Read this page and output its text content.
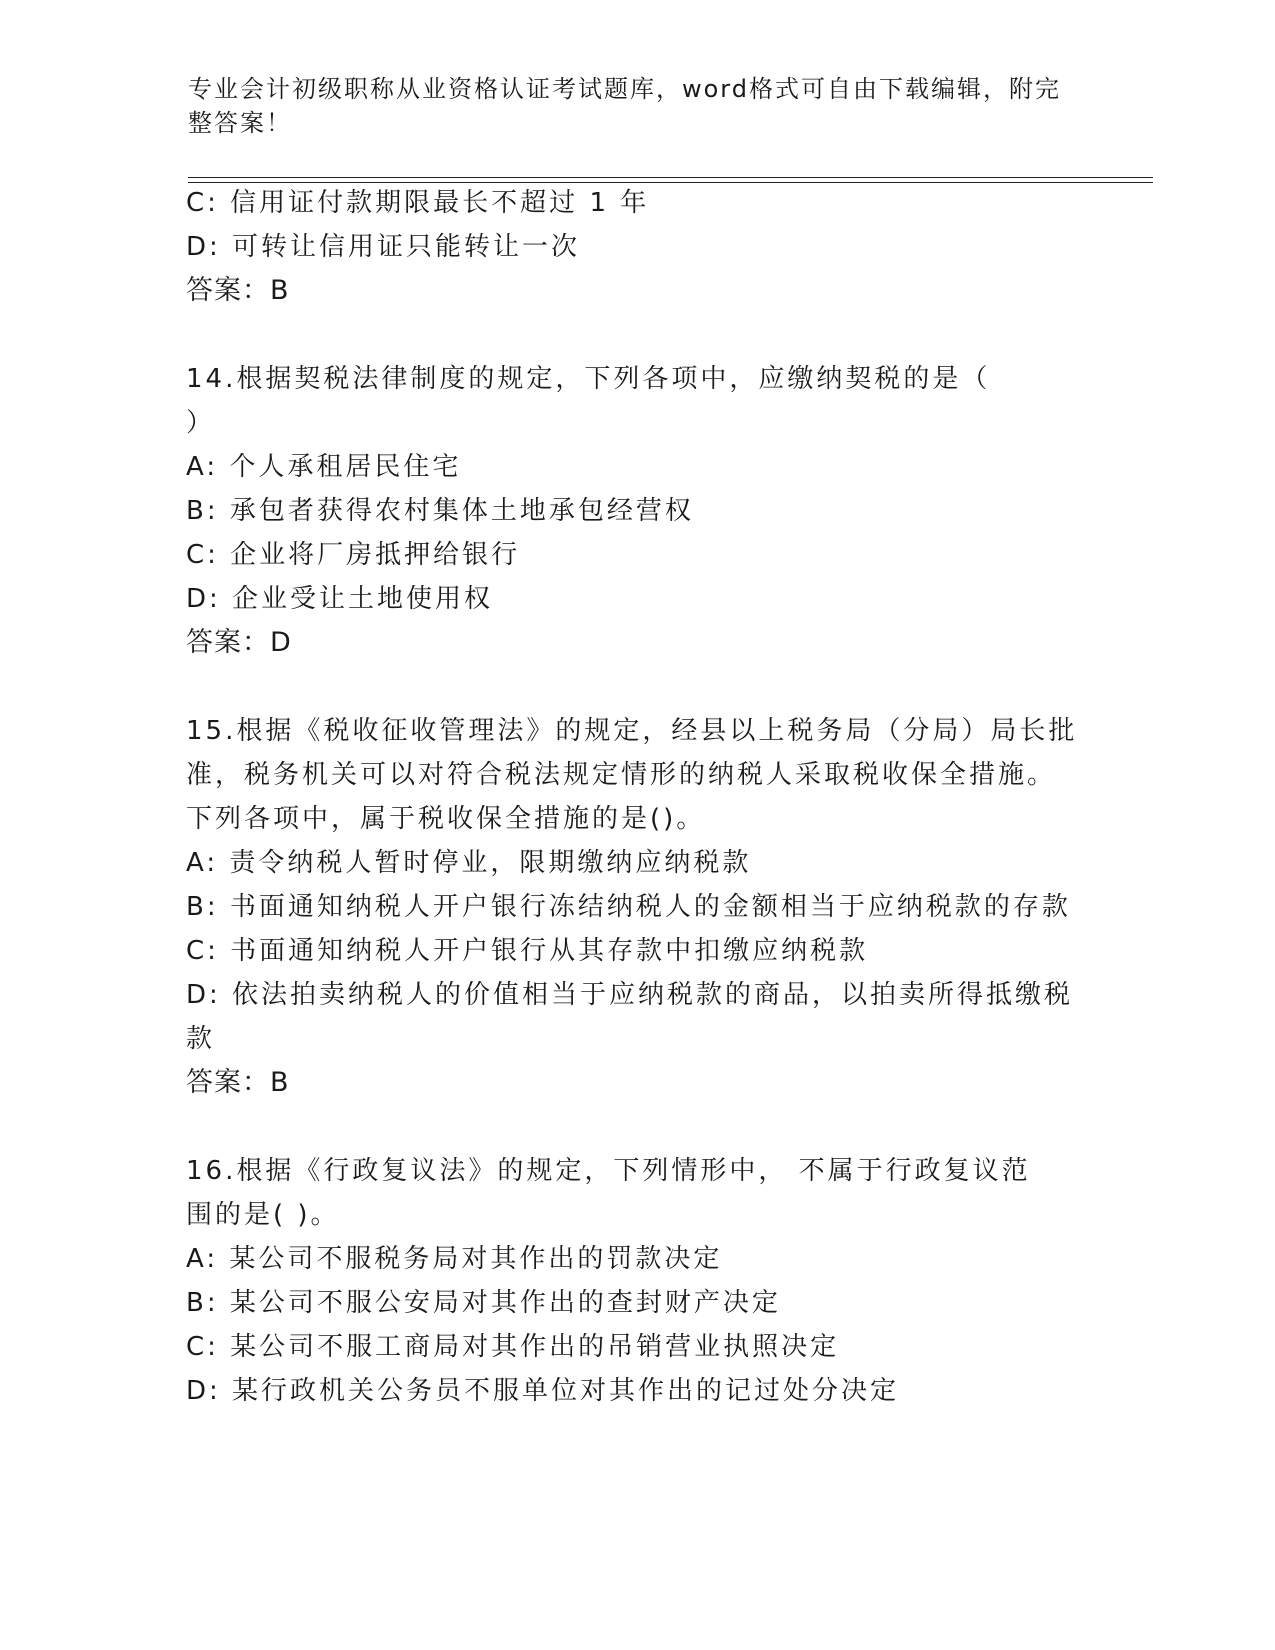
专业会计初级职称从业资格认证考试题库，word格式可自由下载编辑，附完整答案！
C: 信用证付款期限最长不超过 1 年
D: 可转让信用证只能转让一次
答案：B
14.根据契税法律制度的规定，下列各项中，应缴纳契税的是（
）
A: 个人承租居民住宅
B: 承包者获得农村集体土地承包经营权
C: 企业将厂房抵押给银行
D: 企业受让土地使用权
答案：D
15.根据《税收征收管理法》的规定，经县以上税务局（分局）局长批
准，税务机关可以对符合税法规定情形的纳税人采取税收保全措施。
下列各项中，属于税收保全措施的是()。
A: 责令纳税人暂时停业，限期缴纳应纳税款
B: 书面通知纳税人开户银行冻结纳税人的金额相当于应纳税款的存款
C: 书面通知纳税人开户银行从其存款中扣缴应纳税款
D: 依法拍卖纳税人的价值相当于应纳税款的商品，以拍卖所得抵缴税
款
答案：B
16.根据《行政复议法》的规定，下列情形中， 不属于行政复议范
围的是( )。
A: 某公司不服税务局对其作出的罚款决定
B: 某公司不服公安局对其作出的查封财产决定
C: 某公司不服工商局对其作出的吊销营业执照决定
D: 某行政机关公务员不服单位对其作出的记过处分决定
